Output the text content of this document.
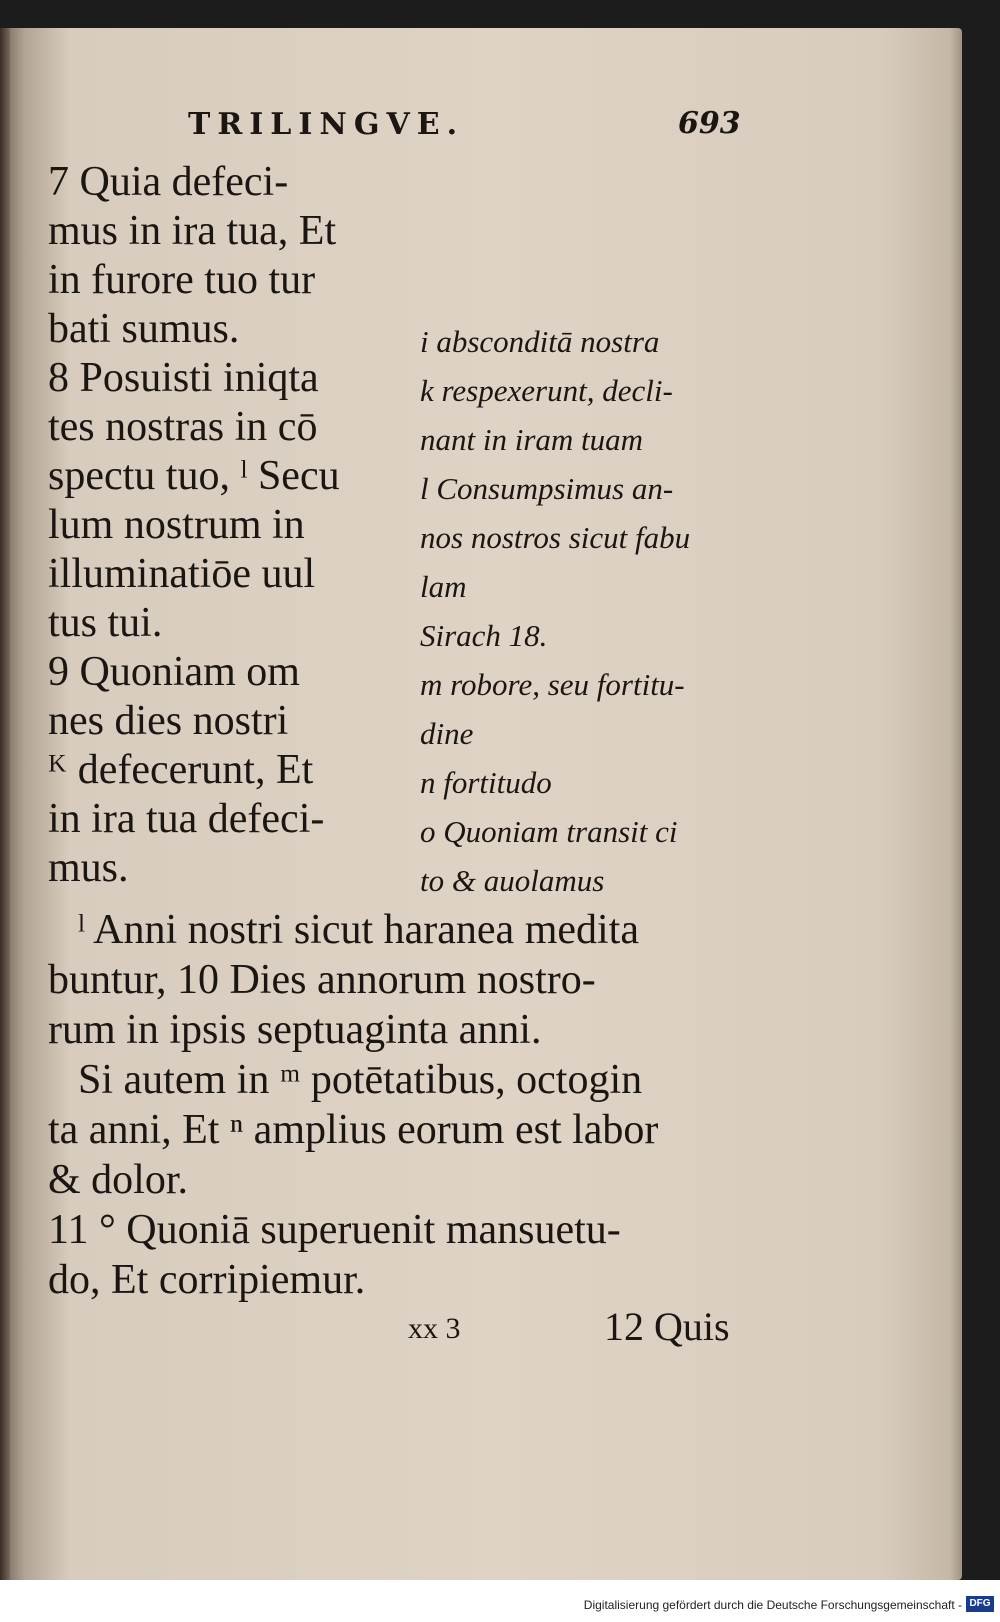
TRILINGVE.	693
7 Quia defeci-
mus in ira tua, Et
in furore tuo tur
bati sumus.
8 Posuisti iniqta
tes nostras in cō
spectu tuo, ˡ Secu
lum nostrum in
illuminatiōe uul
tus tui.
9 Quoniam om
nes dies nostri
ᴷ defecerunt, Et
in ira tua defeci-
mus.
i absconditā nostra
k respexerunt, decli-
nant in iram tuam
l Consumpsimus an-
nos nostros sicut fabu
lam
Sirach 18.
m robore, seu fortitu-
dine
n fortitudo
o Quoniam transit ci
to & auolamus
ˡ Anni nostri sicut haranea medita
buntur, 10 Dies annorum nostro-
rum in ipsis septuaginta anni.
Si autem in ᵐ potētatibus, octogin
ta anni, Et ⁿ amplius eorum est labor
& dolor.
11 ° Quoniā superuenit mansuetu-
do, Et corripiemur.
xx 3	12 Quis
Digitalisierung gefördert durch die Deutsche Forschungsgemeinschaft - DFG
